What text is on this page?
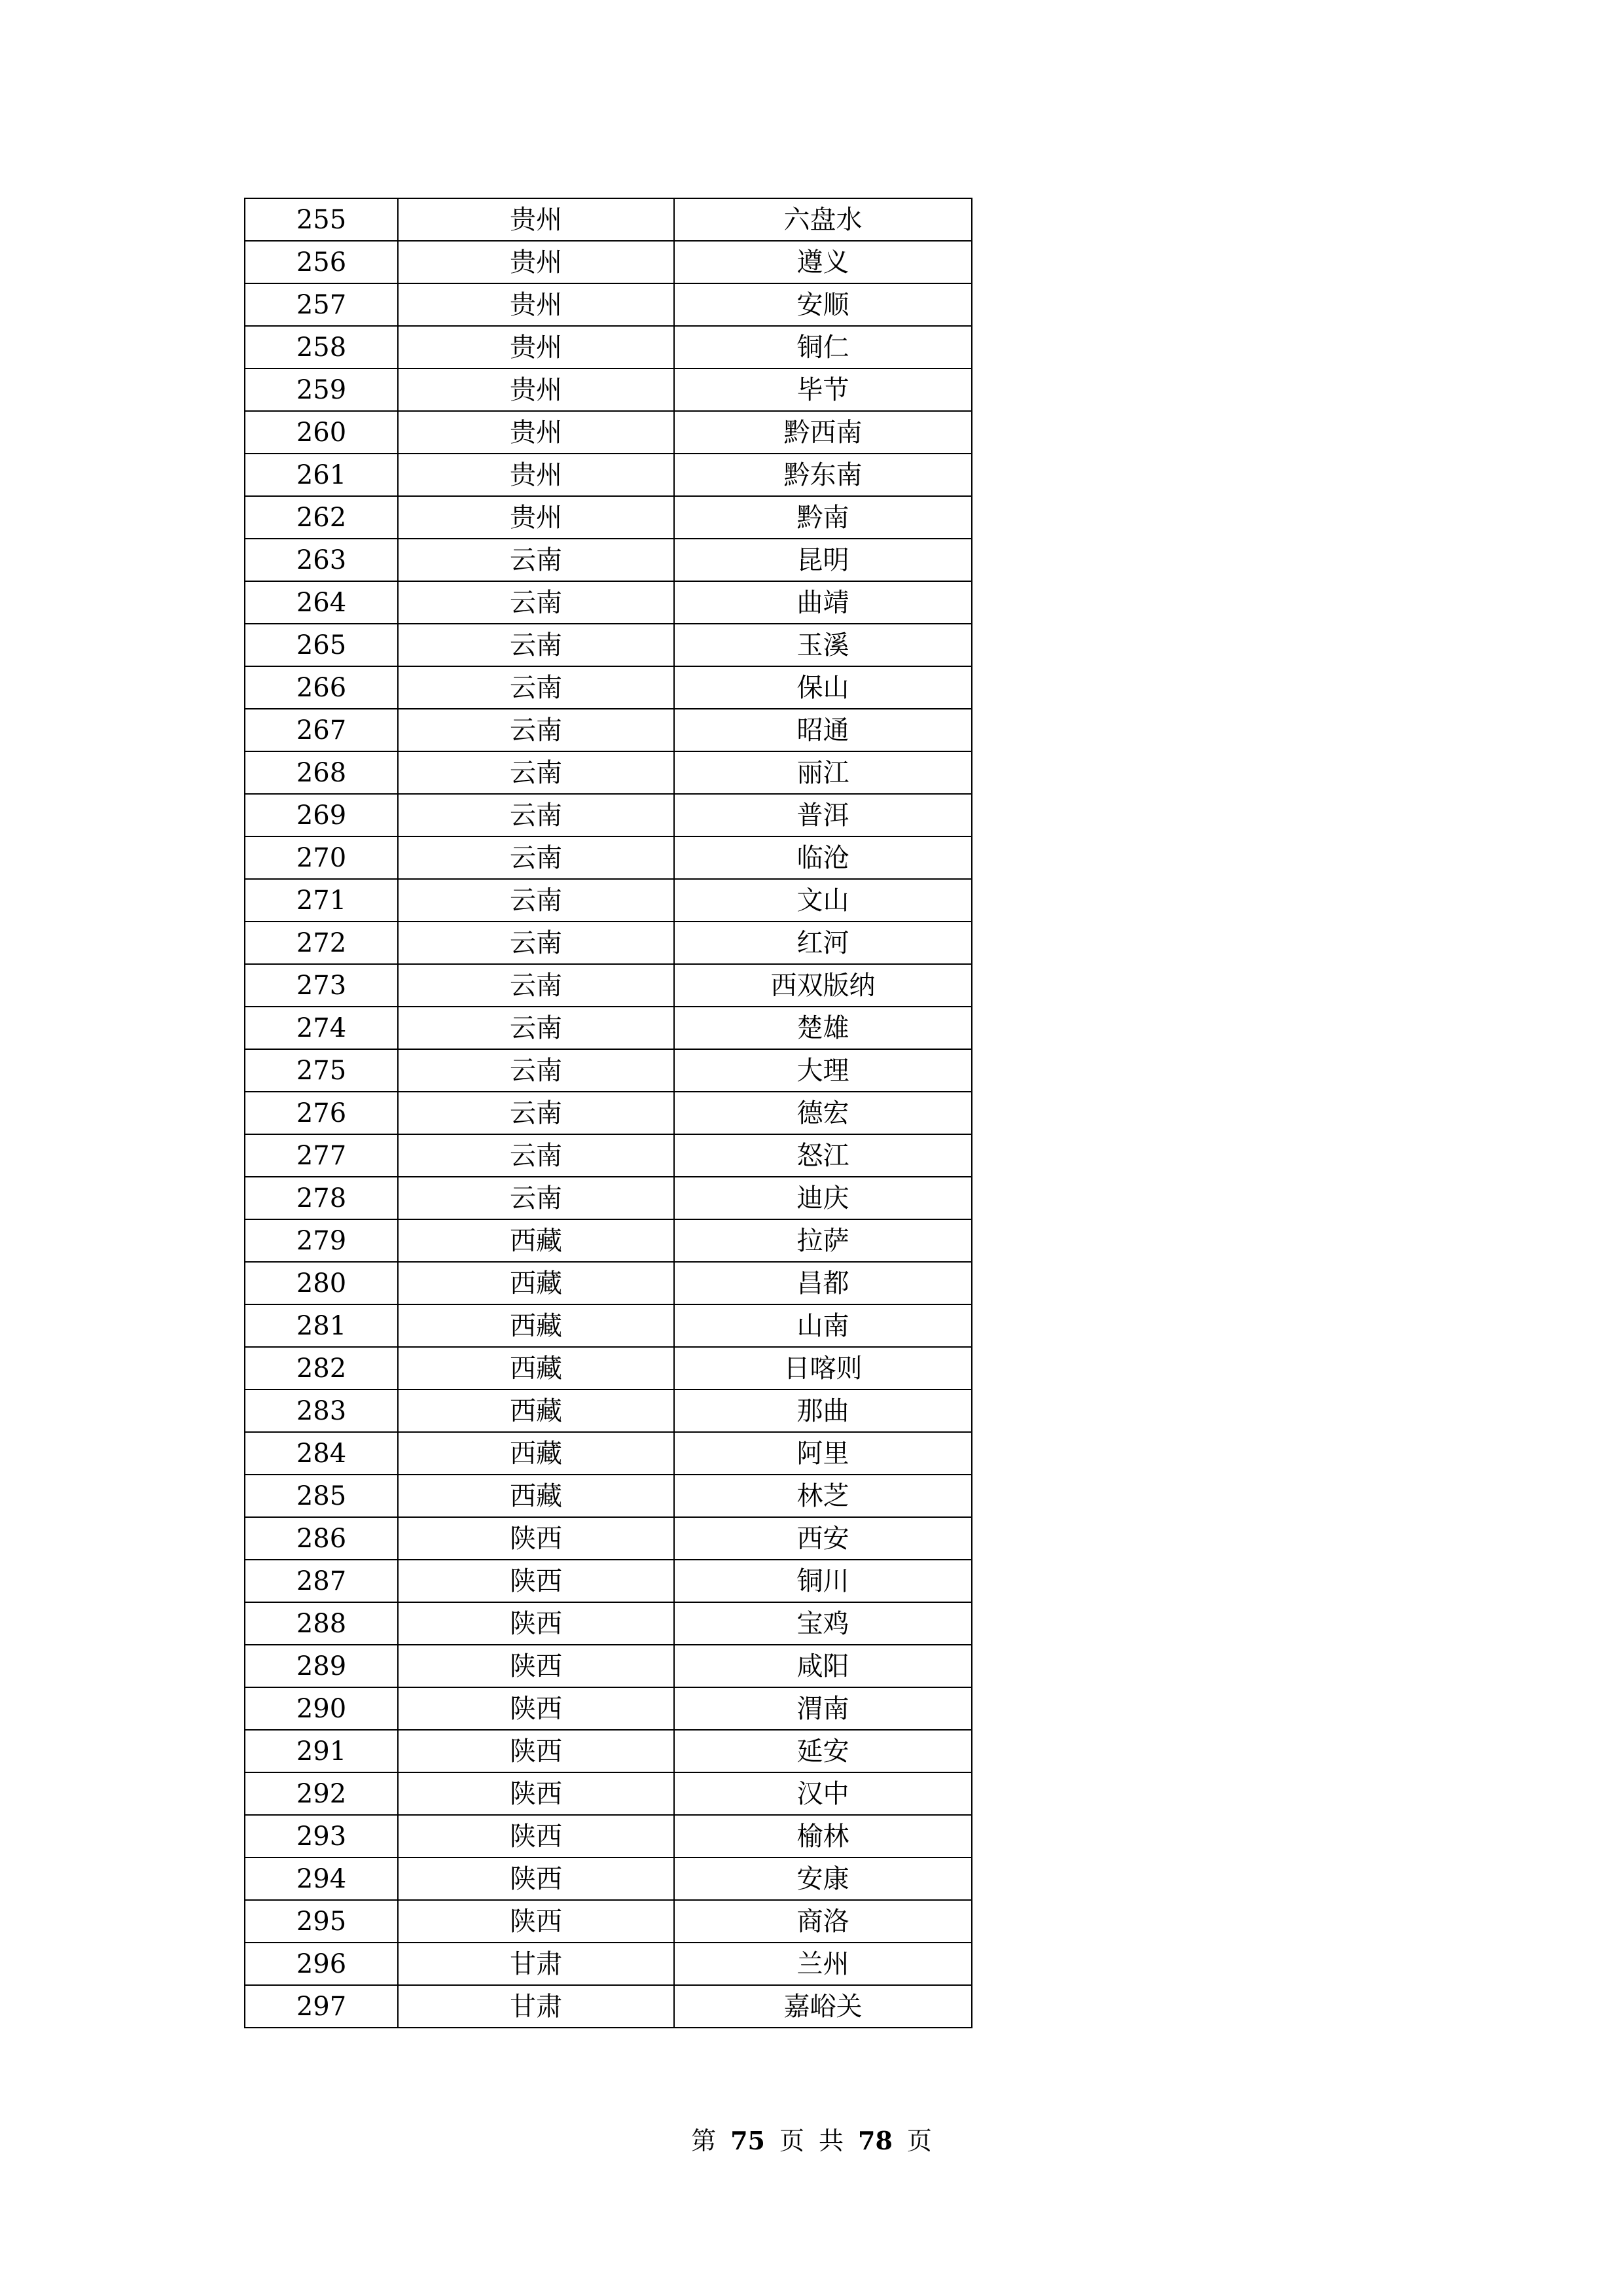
255	贵州	六盘水
256	贵州	遵义
257	贵州	安顺
258	贵州	铜仁
259	贵州	毕节
260	贵州	黔西南
261	贵州	黔东南
262	贵州	黔南
263	云南	昆明
264	云南	曲靖
265	云南	玉溪
266	云南	保山
267	云南	昭通
268	云南	丽江
269	云南	普洱
270	云南	临沧
271	云南	文山
272	云南	红河
273	云南	西双版纳
274	云南	楚雄
275	云南	大理
276	云南	德宏
277	云南	怒江
278	云南	迪庆
279	西藏	拉萨
280	西藏	昌都
281	西藏	山南
282	西藏	日喀则
283	西藏	那曲
284	西藏	阿里
285	西藏	林芝
286	陕西	西安
287	陕西	铜川
288	陕西	宝鸡
289	陕西	咸阳
290	陕西	渭南
291	陕西	延安
292	陕西	汉中
293	陕西	榆林
294	陕西	安康
295	陕西	商洛
296	甘肃	兰州
297	甘肃	嘉峪关
第 75 页 共 78 页
